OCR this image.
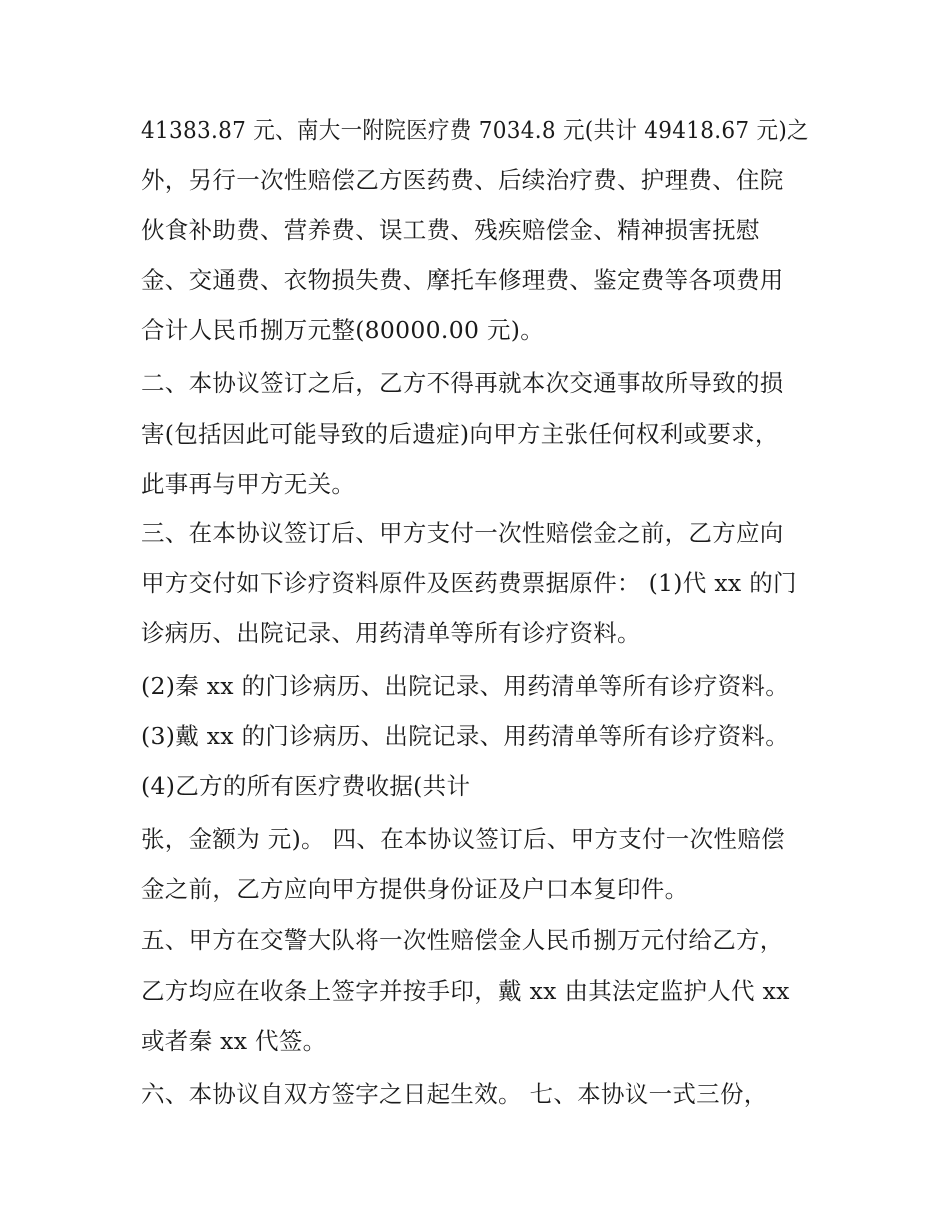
41383.87 元、南大一附院医疗费 7034.8 元(共计 49418.67 元)之
外，另行一次性赔偿乙方医药费、后续治疗费、护理费、住院
伙食补助费、营养费、误工费、残疾赔偿金、精神损害抚慰
金、交通费、衣物损失费、摩托车修理费、鉴定费等各项费用
合计人民币捌万元整(80000.00 元)。
二、本协议签订之后，乙方不得再就本次交通事故所导致的损
害(包括因此可能导致的后遗症)向甲方主张任何权利或要求，
此事再与甲方无关。
三、在本协议签订后、甲方支付一次性赔偿金之前，乙方应向
甲方交付如下诊疗资料原件及医药费票据原件： (1)代 xx 的门
诊病历、出院记录、用药清单等所有诊疗资料。
(2)秦 xx 的门诊病历、出院记录、用药清单等所有诊疗资料。
(3)戴 xx 的门诊病历、出院记录、用药清单等所有诊疗资料。
(4)乙方的所有医疗费收据(共计
张，金额为 元)。 四、在本协议签订后、甲方支付一次性赔偿
金之前，乙方应向甲方提供身份证及户口本复印件。
五、甲方在交警大队将一次性赔偿金人民币捌万元付给乙方，
乙方均应在收条上签字并按手印，戴 xx 由其法定监护人代 xx
或者秦 xx 代签。
六、本协议自双方签字之日起生效。 七、本协议一式三份，
